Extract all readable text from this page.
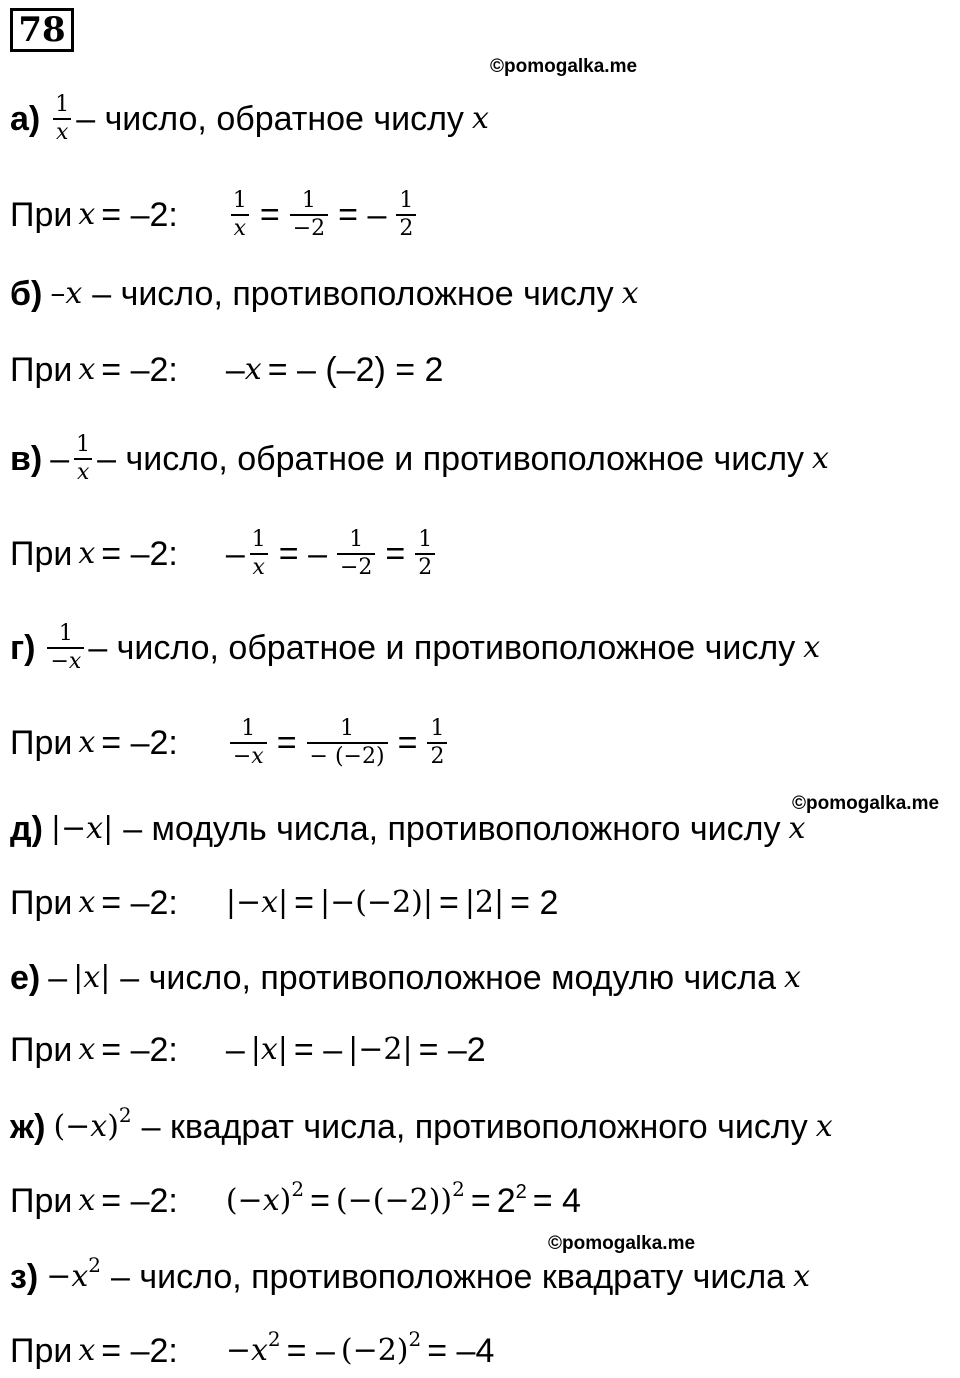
78
©pomogalka.me
©pomogalka.me
©pomogalka.me
$а) \frac{1}{x}$ – число, обратное числу x
При x = –2: $\frac{1}{x} = \frac{1}{-2}$ = – $\frac{1}{2}$
б) – x – число, противоположное числу x
При x = –2: – x = – (–2) = 2
$в) - \frac{1}{x}$ – число, обратное и противоположное числу x
При x = –2: – $\frac{1}{x}$ = – $\frac{1}{-2} = \frac{1}{2}$
$г) \frac{1}{-x}$ – число, обратное и противоположное числу x
При x = –2: $\frac{1}{-x} = \frac{1}{- (-2)} = \frac{1}{2}$
д) |− x | – модуль числа, противоположного числу x
При x = –2: |− x | = |−(−2)| = |2| = 2
е) – | x | – число, противоположное модулю числа x
При x = –2: – | x | = – |−2| = –2
ж) (− x )$^2$ – квадрат числа, противоположного числу x
При x = –2: (− x )$^2 = (-(-2))^2 = 2^2 = 4$
з) − x $^2$ – число, противоположное квадрату числа x
При x = –2: − x $^2$ = – $(-2)^2 = -4$
